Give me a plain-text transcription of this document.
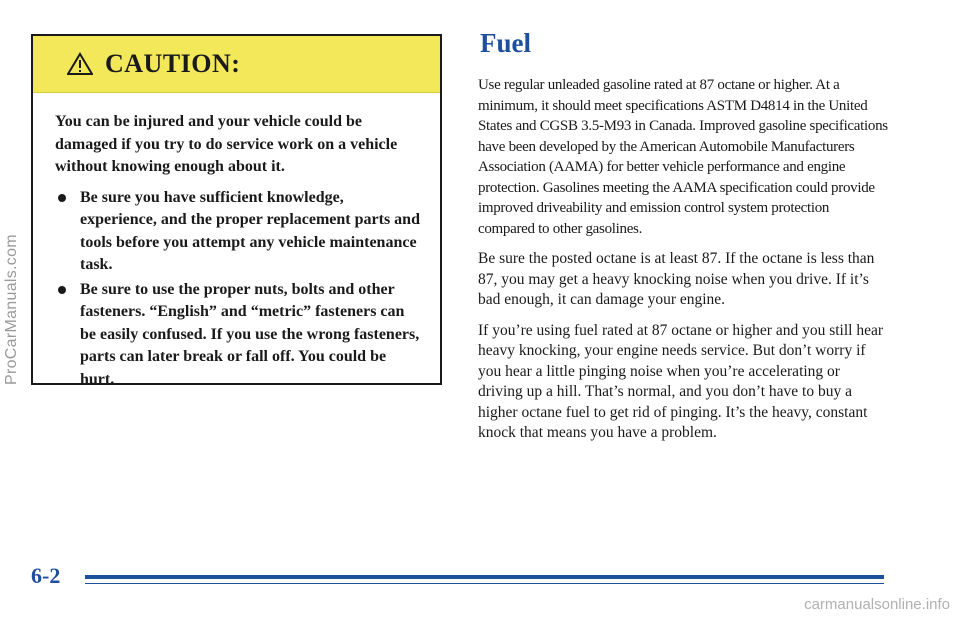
ProCarManuals.com
CAUTION:

You can be injured and your vehicle could be damaged if you try to do service work on a vehicle without knowing enough about it.

Be sure you have sufficient knowledge, experience, and the proper replacement parts and tools before you attempt any vehicle maintenance task.
Be sure to use the proper nuts, bolts and other fasteners. “English” and “metric” fasteners can be easily confused. If you use the wrong fasteners, parts can later break or fall off. You could be hurt.
Fuel

Use regular unleaded gasoline rated at 87 octane or higher. At a minimum, it should meet specifications ASTM D4814 in the United States and CGSB 3.5-M93 in Canada. Improved gasoline specifications have been developed by the American Automobile Manufacturers Association (AAMA) for better vehicle performance and engine protection. Gasolines meeting the AAMA specification could provide improved driveability and emission control system protection compared to other gasolines.

Be sure the posted octane is at least 87. If the octane is less than 87, you may get a heavy knocking noise when you drive. If it’s bad enough, it can damage your engine.

If you’re using fuel rated at 87 octane or higher and you still hear heavy knocking, your engine needs service. But don’t worry if you hear a little pinging noise when you’re accelerating or driving up a hill. That’s normal, and you don’t have to buy a higher octane fuel to get rid of pinging. It’s the heavy, constant knock that means you have a problem.

6-2
carmanualsonline.info
